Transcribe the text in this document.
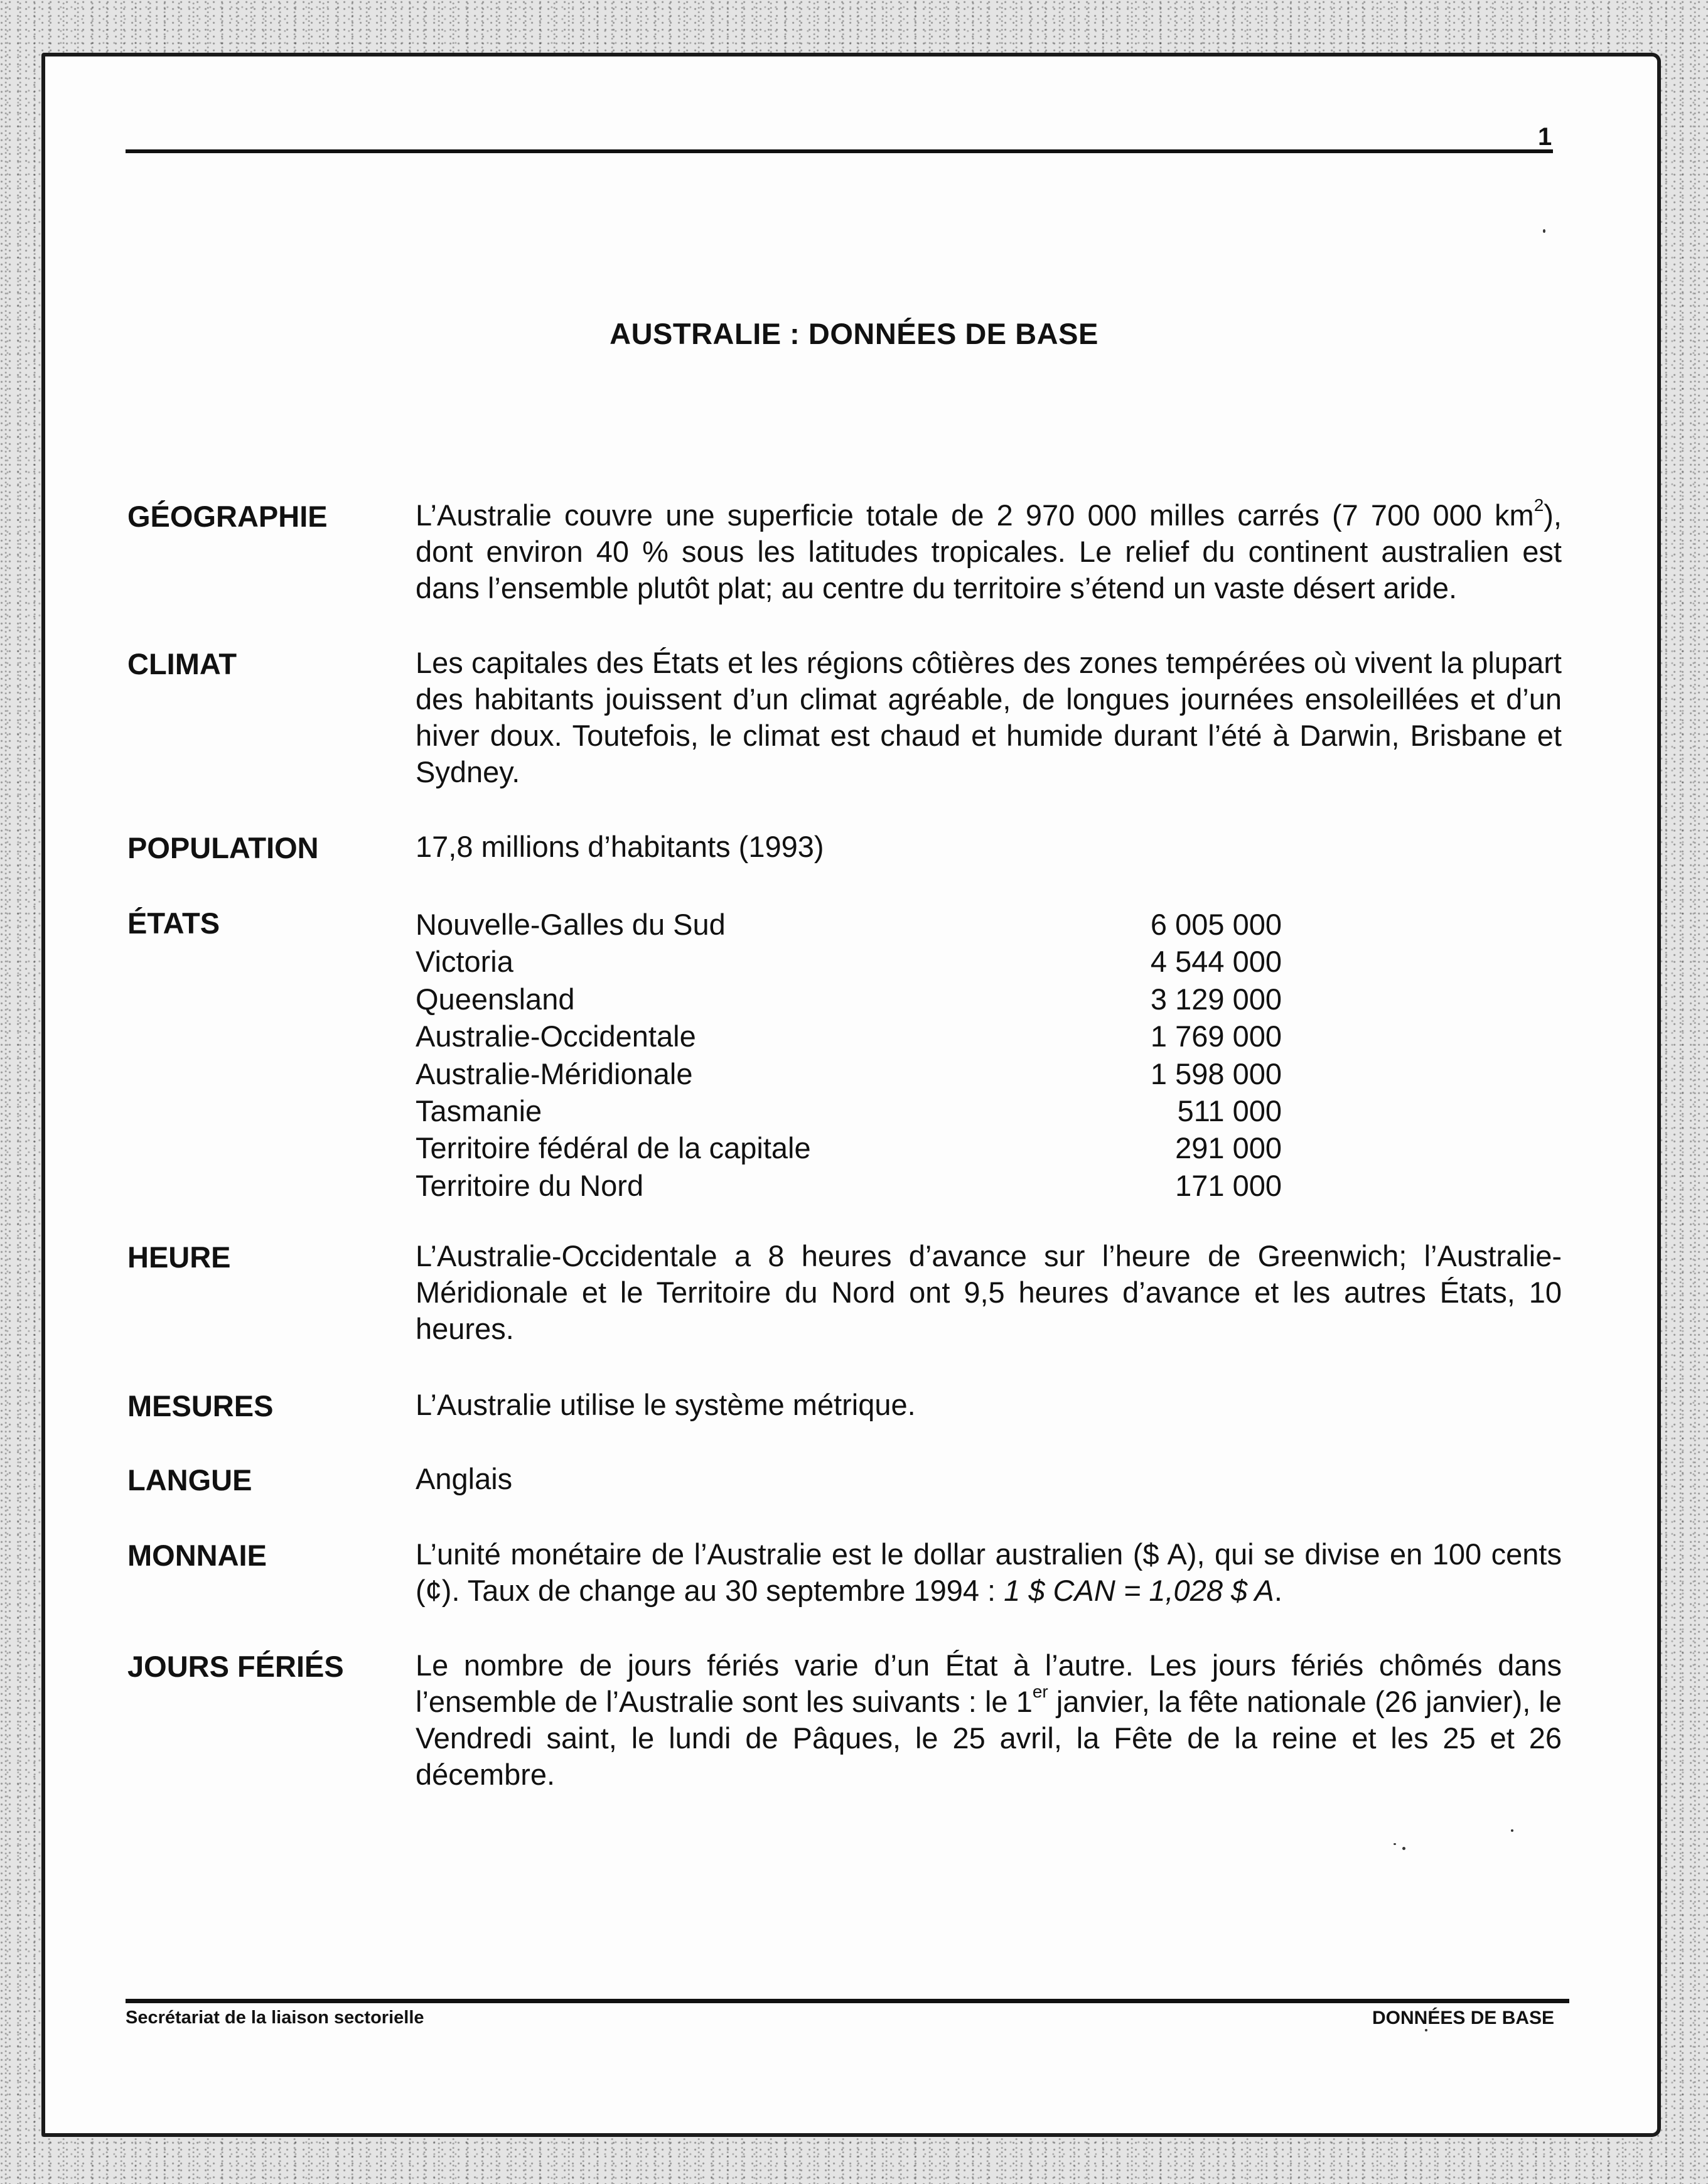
1
AUSTRALIE : DONNÉES DE BASE
GÉOGRAPHIE	L’Australie couvre une superficie totale de 2 970 000 milles carrés (7 700 000 $km^2$), dont environ 40 % sous les latitudes tropicales. Le relief du continent australien est dans l’ensemble plutôt plat; au centre du territoire s’étend un vaste désert aride.
CLIMAT	Les capitales des États et les régions côtières des zones tempérées où vivent la plupart des habitants jouissent d’un climat agréable, de longues journées ensoleillées et d’un hiver doux. Toutefois, le climat est chaud et humide durant l’été à Darwin, Brisbane et Sydney.
POPULATION	17,8 millions d’habitants (1993)
ÉTATS	Nouvelle-Galles du Sud	6 005 000
Victoria	4 544 000
Queensland	3 129 000
Australie-Occidentale	1 769 000
Australie-Méridionale	1 598 000
Tasmanie	511 000
Territoire fédéral de la capitale	291 000
Territoire du Nord	171 000
HEURE	L’Australie-Occidentale a 8 heures d’avance sur l’heure de Greenwich; l’Australie-Méridionale et le Territoire du Nord ont 9,5 heures d’avance et les autres États, 10 heures.
MESURES	L’Australie utilise le système métrique.
LANGUE	Anglais
MONNAIE	L’unité monétaire de l’Australie est le dollar australien ($ A), qui se divise en 100 cents (¢). Taux de change au 30 septembre 1994 : 1 $ CAN = 1,028 $ A.
JOURS FÉRIÉS Le nombre de jours fériés varie d’un État à l’autre. Les jours fériés chômés dans l’ensemble de l’Australie sont les suivants : le 1er janvier, la fête nationale (26 janvier), le Vendredi saint, le lundi de Pâques, le 25 avril, la Fête de la reine et les 25 et 26 décembre.
Secrétariat de la liaison sectorielle	DONNÉES DE BASE
